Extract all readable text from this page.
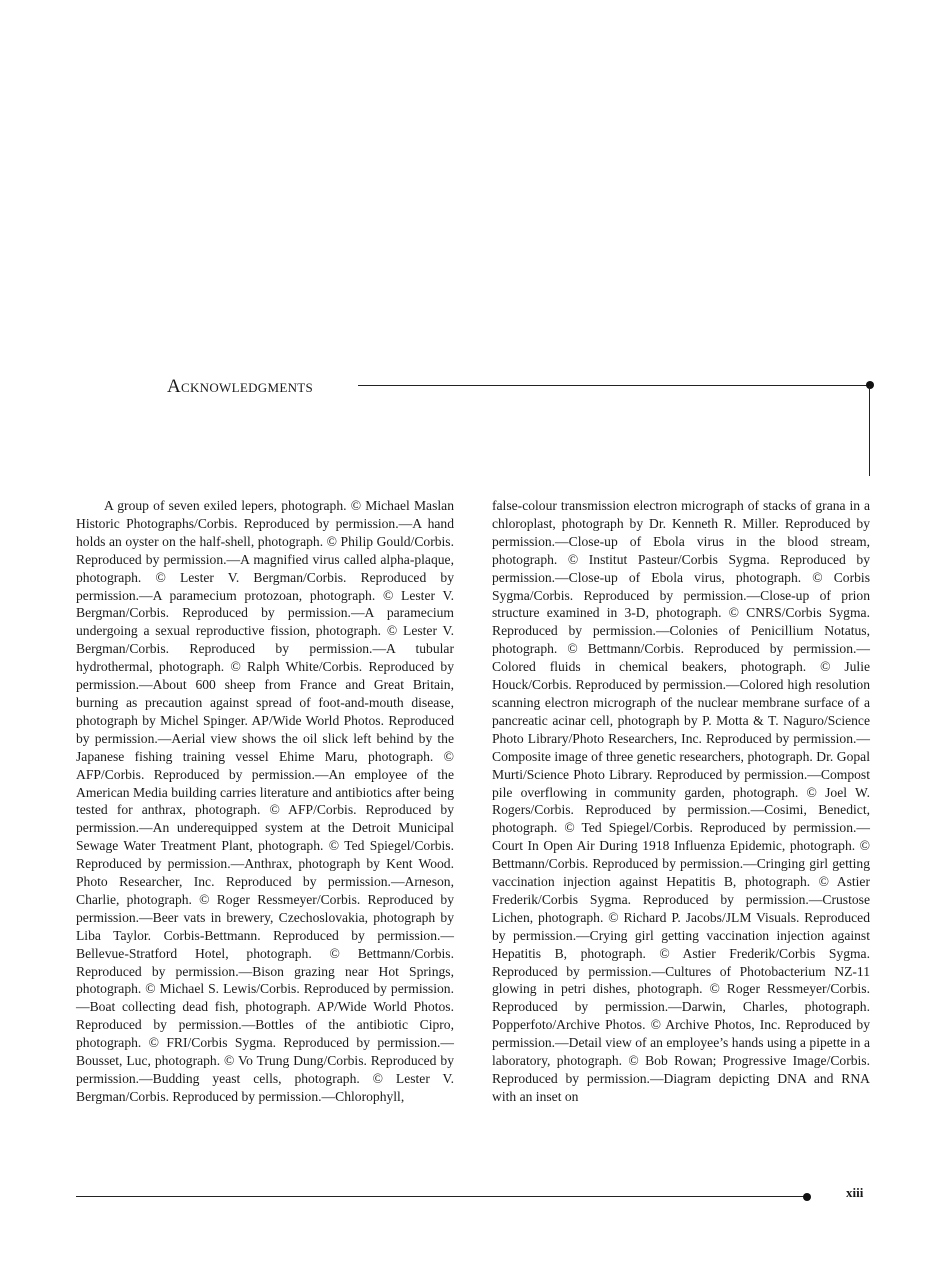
Acknowledgments

A group of seven exiled lepers, photograph. © Michael Maslan Historic Photographs/Corbis. Reproduced by permission.—A hand holds an oyster on the half-shell, photograph. © Philip Gould/Corbis. Reproduced by permission.—A magnified virus called alpha-plaque, photograph. © Lester V. Bergman/Corbis. Reproduced by permission.—A paramecium protozoan, photograph. © Lester V. Bergman/Corbis. Reproduced by permission.—A paramecium undergoing a sexual reproductive fission, photograph. © Lester V. Bergman/Corbis. Reproduced by permission.—A tubular hydrothermal, photograph. © Ralph White/Corbis. Reproduced by permission.—About 600 sheep from France and Great Britain, burning as precaution against spread of foot-and-mouth disease, photograph by Michel Spinger. AP/Wide World Photos. Reproduced by permission.—Aerial view shows the oil slick left behind by the Japanese fishing training vessel Ehime Maru, photograph. © AFP/Corbis. Reproduced by permission.—An employee of the American Media building carries literature and antibiotics after being tested for anthrax, photograph. © AFP/Corbis. Reproduced by permission.—An underequipped system at the Detroit Municipal Sewage Water Treatment Plant, photograph. © Ted Spiegel/Corbis. Reproduced by permission.—Anthrax, photograph by Kent Wood. Photo Researcher, Inc. Reproduced by permission.—Arneson, Charlie, photograph. © Roger Ressmeyer/Corbis. Reproduced by permission.—Beer vats in brewery, Czechoslovakia, photograph by Liba Taylor. Corbis-Bettmann. Reproduced by permission.—Bellevue-Stratford Hotel, photograph. © Bettmann/Corbis. Reproduced by permission.—Bison grazing near Hot Springs, photograph. © Michael S. Lewis/Corbis. Reproduced by permission.—Boat collecting dead fish, photograph. AP/Wide World Photos. Reproduced by permission.—Bottles of the antibiotic Cipro, photograph. © FRI/Corbis Sygma. Reproduced by permission.—Bousset, Luc, photograph. © Vo Trung Dung/Corbis. Reproduced by permission.—Budding yeast cells, photograph. © Lester V. Bergman/Corbis. Reproduced by permission.—Chlorophyll,

false-colour transmission electron micrograph of stacks of grana in a chloroplast, photograph by Dr. Kenneth R. Miller. Reproduced by permission.—Close-up of Ebola virus in the blood stream, photograph. © Institut Pasteur/Corbis Sygma. Reproduced by permission.—Close-up of Ebola virus, photograph. © Corbis Sygma/Corbis. Reproduced by permission.—Close-up of prion structure examined in 3-D, photograph. © CNRS/Corbis Sygma. Reproduced by permission.—Colonies of Penicillium Notatus, photograph. © Bettmann/Corbis. Reproduced by permission.—Colored fluids in chemical beakers, photograph. © Julie Houck/Corbis. Reproduced by permission.—Colored high resolution scanning electron micrograph of the nuclear membrane surface of a pancreatic acinar cell, photograph by P. Motta & T. Naguro/Science Photo Library/Photo Researchers, Inc. Reproduced by permission.—Composite image of three genetic researchers, photograph. Dr. Gopal Murti/Science Photo Library. Reproduced by permission.—Compost pile overflowing in community garden, photograph. © Joel W. Rogers/Corbis. Reproduced by permission.—Cosimi, Benedict, photograph. © Ted Spiegel/Corbis. Reproduced by permission.—Court In Open Air During 1918 Influenza Epidemic, photograph. © Bettmann/Corbis. Reproduced by permission.—Cringing girl getting vaccination injection against Hepatitis B, photograph. © Astier Frederik/Corbis Sygma. Reproduced by permission.—Crustose Lichen, photograph. © Richard P. Jacobs/JLM Visuals. Reproduced by permission.—Crying girl getting vaccination injection against Hepatitis B, photograph. © Astier Frederik/Corbis Sygma. Reproduced by permission.—Cultures of Photobacterium NZ-11 glowing in petri dishes, photograph. © Roger Ressmeyer/Corbis. Reproduced by permission.—Darwin, Charles, photograph. Popperfoto/Archive Photos. © Archive Photos, Inc. Reproduced by permission.—Detail view of an employee’s hands using a pipette in a laboratory, photograph. © Bob Rowan; Progressive Image/Corbis. Reproduced by permission.—Diagram depicting DNA and RNA with an inset on

xiii
